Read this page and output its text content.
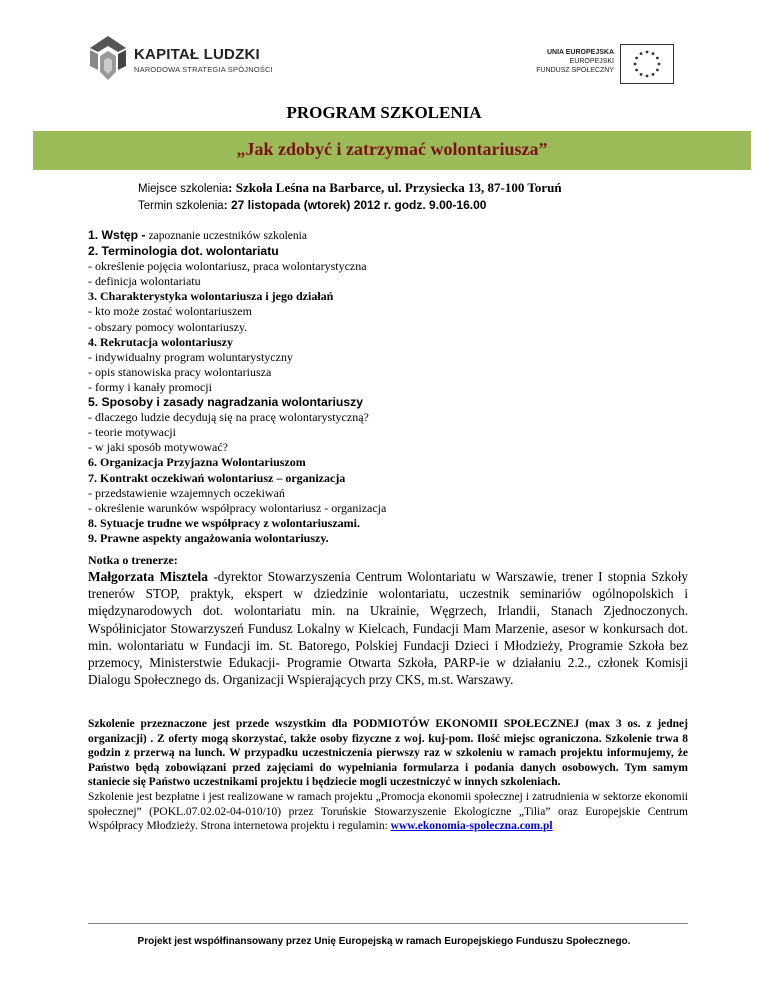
KAPITAŁ LUDZKI
NARODOWA STRATEGIA SPÓJNOŚCI
UNIA EUROPEJSKA
EUROPEJSKI
FUNDUSZ SPOŁECZNY
PROGRAM SZKOLENIA
„Jak zdobyć i zatrzymać wolontariusza”
Miejsce szkolenia: Szkoła Leśna na Barbarce, ul. Przysiecka 13, 87-100 Toruń
Termin szkolenia: 27 listopada (wtorek) 2012 r. godz. 9.00-16.00
1. Wstęp - zapoznanie uczestników szkolenia
2. Terminologia dot. wolontariatu
- określenie pojęcia wolontariusz, praca wolontarystyczna
- definicja wolontariatu
3. Charakterystyka wolontariusza i jego działań
- kto może zostać wolontariuszem
- obszary pomocy wolontariuszy.
4. Rekrutacja wolontariuszy
- indywidualny program woluntarystyczny
- opis stanowiska pracy wolontariusza
- formy i kanały promocji
5. Sposoby i zasady nagradzania wolontariuszy
- dlaczego ludzie decydują się na pracę wolontarystyczną?
- teorie motywacji
- w jaki sposób motywować?
6. Organizacja Przyjazna Wolontariuszom
7. Kontrakt oczekiwań wolontariusz – organizacja
- przedstawienie wzajemnych oczekiwań
- określenie warunków współpracy wolontariusz - organizacja
8. Sytuacje trudne we współpracy z wolontariuszami.
9. Prawne aspekty angażowania wolontariuszy.
Notka o trenerze:
Małgorzata Misztela -dyrektor Stowarzyszenia Centrum Wolontariatu w Warszawie, trener I stopnia Szkoły trenerów STOP, praktyk, ekspert w dziedzinie wolontariatu, uczestnik seminariów ogólnopolskich i międzynarodowych dot. wolontariatu min. na Ukrainie, Węgrzech, Irlandii, Stanach Zjednoczonych. Współinicjator Stowarzyszeń Fundusz Lokalny w Kielcach, Fundacji Mam Marzenie, asesor w konkursach dot. min. wolontariatu w Fundacji im. St. Batorego, Polskiej Fundacji Dzieci i Młodzieży, Programie Szkoła bez przemocy, Ministerstwie Edukacji- Programie Otwarta Szkoła, PARP-ie w działaniu 2.2., członek Komisji Dialogu Społecznego ds. Organizacji Wspierających przy CKS, m.st. Warszawy.
Szkolenie przeznaczone jest przede wszystkim dla PODMIOTÓW EKONOMII SPOŁECZNEJ (max 3 os. z jednej organizacji) . Z oferty mogą skorzystać, także osoby fizyczne z woj. kuj-pom. Ilość miejsc ograniczona. Szkolenie trwa 8 godzin z przerwą na lunch. W przypadku uczestniczenia pierwszy raz w szkoleniu w ramach projektu informujemy, że Państwo będą zobowiązani przed zajęciami do wypełniania formularza i podania danych osobowych. Tym samym staniecie się Państwo uczestnikami projektu i będziecie mogli uczestniczyć w innych szkoleniach.
Szkolenie jest bezpłatne i jest realizowane w ramach projektu „Promocja ekonomii społecznej i zatrudnienia w sektorze ekonomii społecznej” (POKL.07.02.02-04-010/10) przez Toruńskie Stowarzyszenie Ekologiczne „Tilia” oraz Europejskie Centrum Współpracy Młodzieży. Strona internetowa projektu i regulamin: www.ekonomia-spoleczna.com.pl
Projekt jest współfinansowany przez Unię Europejską w ramach Europejskiego Funduszu Społecznego.
